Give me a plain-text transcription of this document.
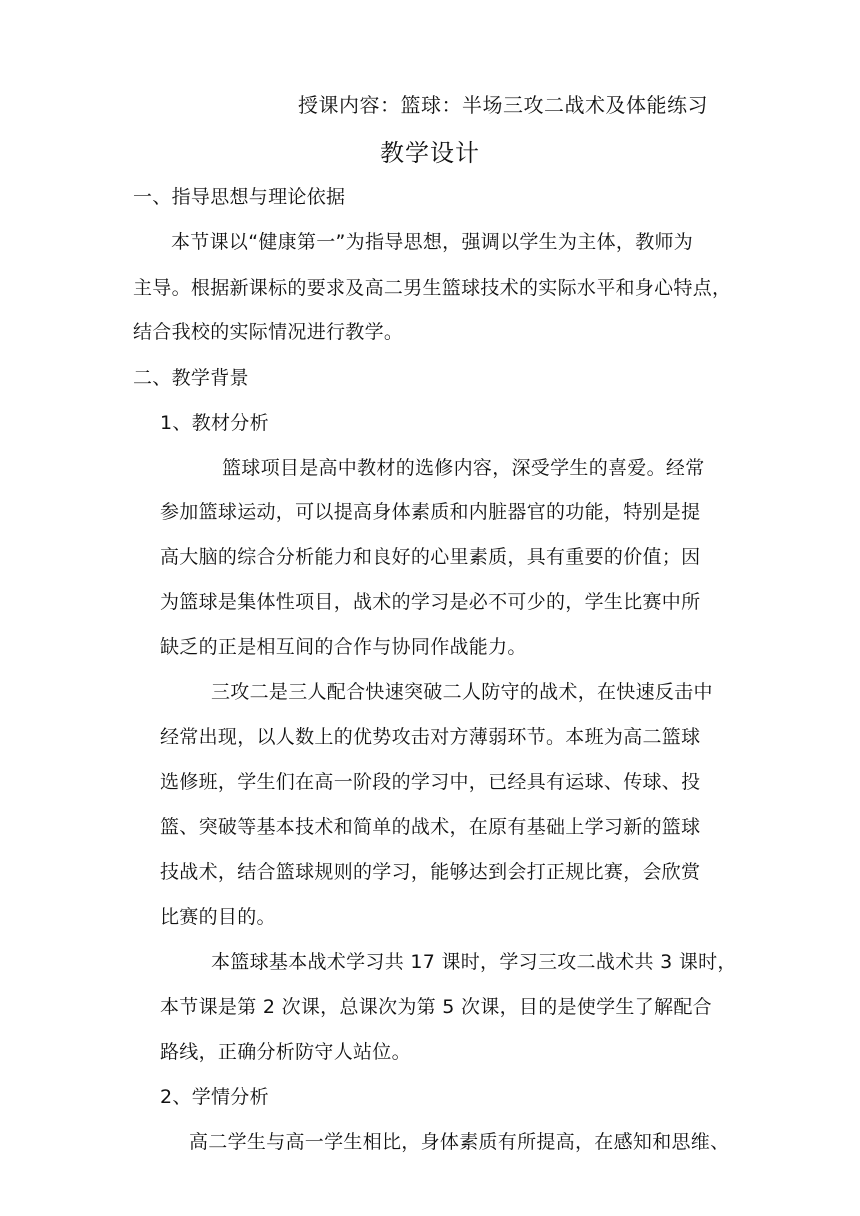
授课内容：篮球：半场三攻二战术及体能练习

教学设计

一、指导思想与理论依据

本节课以“健康第一”为指导思想，强调以学生为主体，教师为

主导。根据新课标的要求及高二男生篮球技术的实际水平和身心特点，

结合我校的实际情况进行教学。

二、教学背景

1、教材分析

篮球项目是高中教材的选修内容，深受学生的喜爱。经常

参加篮球运动，可以提高身体素质和内脏器官的功能，特别是提

高大脑的综合分析能力和良好的心里素质，具有重要的价值；因

为篮球是集体性项目，战术的学习是必不可少的，学生比赛中所

缺乏的正是相互间的合作与协同作战能力。

三攻二是三人配合快速突破二人防守的战术，在快速反击中

经常出现，以人数上的优势攻击对方薄弱环节。本班为高二篮球

选修班，学生们在高一阶段的学习中，已经具有运球、传球、投

篮、突破等基本技术和简单的战术，在原有基础上学习新的篮球

技战术，结合篮球规则的学习，能够达到会打正规比赛，会欣赏

比赛的目的。

本篮球基本战术学习共 17 课时，学习三攻二战术共 3 课时，

本节课是第 2 次课，总课次为第 5 次课，目的是使学生了解配合

路线，正确分析防守人站位。

2、学情分析

高二学生与高一学生相比，身体素质有所提高，在感知和思维、
